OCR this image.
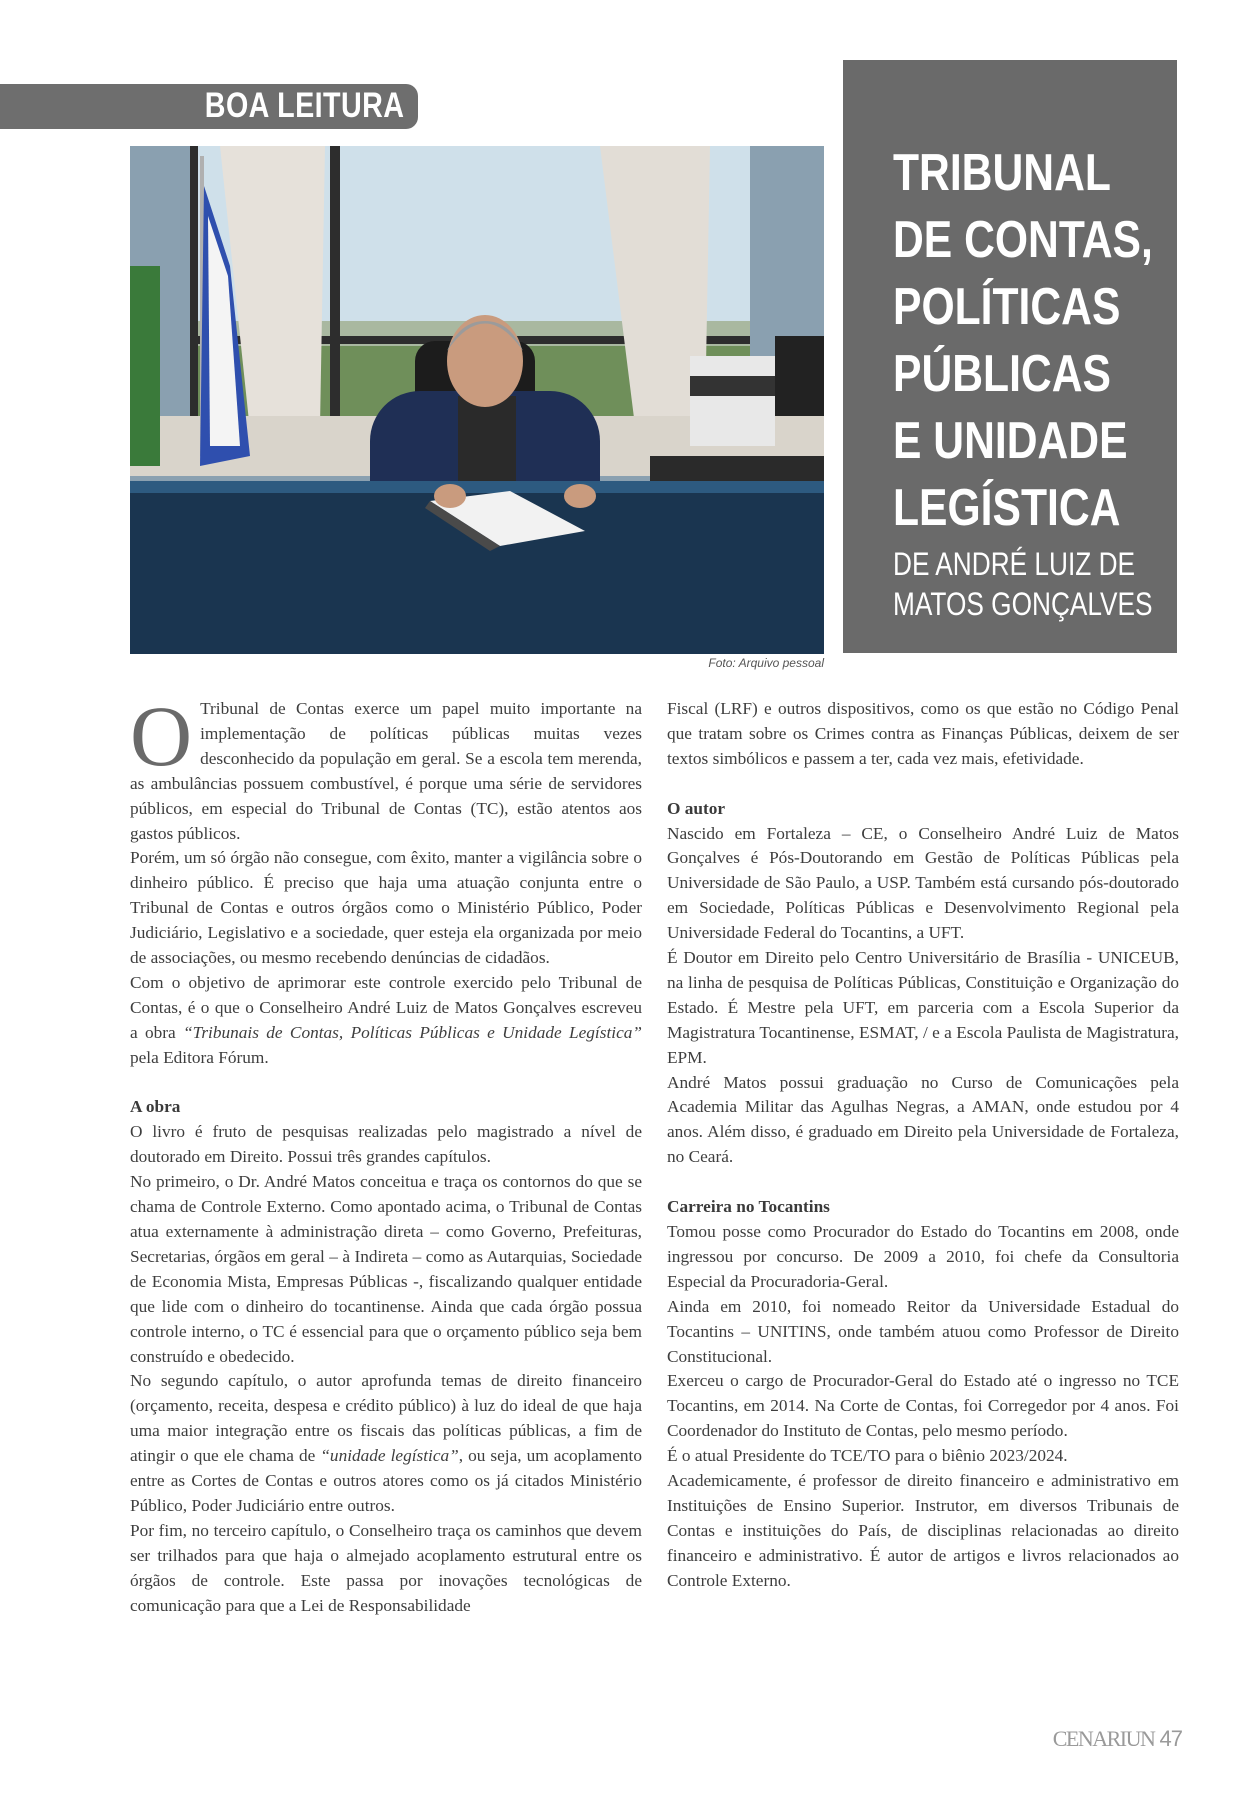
BOA LEITURA
Foto: Arquivo pessoal
TRIBUNAL
DE CONTAS,
POLÍTICAS
PÚBLICAS
E UNIDADE
LEGÍSTICA
DE ANDRÉ LUIZ DE
MATOS GONÇALVES

O Tribunal de Contas exerce um papel muito importante na implementação de políticas públicas muitas vezes desconhecido da população em geral. Se a escola tem merenda, as ambulâncias possuem combustível, é porque uma série de servidores públicos, em especial do Tribunal de Contas (TC), estão atentos aos gastos públicos.

Porém, um só órgão não consegue, com êxito, manter a vigilância sobre o dinheiro público. É preciso que haja uma atuação conjunta entre o Tribunal de Contas e outros órgãos como o Ministério Público, Poder Judiciário, Legislativo e a sociedade, quer esteja ela organizada por meio de associações, ou mesmo recebendo denúncias de cidadãos.

Com o objetivo de aprimorar este controle exercido pelo Tribunal de Contas, é o que o Conselheiro André Luiz de Matos Gonçalves escreveu a obra “Tribunais de Contas, Políticas Públicas e Unidade Legística” pela Editora Fórum.

A obra

O livro é fruto de pesquisas realizadas pelo magistrado a nível de doutorado em Direito. Possui três grandes capítulos.

No primeiro, o Dr. André Matos conceitua e traça os contornos do que se chama de Controle Externo. Como apontado acima, o Tribunal de Contas atua externamente à administração direta – como Governo, Prefeituras, Secretarias, órgãos em geral – à Indireta – como as Autarquias, Sociedade de Economia Mista, Empresas Públicas -, fiscalizando qualquer entidade que lide com o dinheiro do tocantinense. Ainda que cada órgão possua controle interno, o TC é essencial para que o orçamento público seja bem construído e obedecido.

No segundo capítulo, o autor aprofunda temas de direito financeiro (orçamento, receita, despesa e crédito público) à luz do ideal de que haja uma maior integração entre os fiscais das políticas públicas, a fim de atingir o que ele chama de “unidade legística”, ou seja, um acoplamento entre as Cortes de Contas e outros atores como os já citados Ministério Público, Poder Judiciário entre outros.

Por fim, no terceiro capítulo, o Conselheiro traça os caminhos que devem ser trilhados para que haja o almejado acoplamento estrutural entre os órgãos de controle. Este passa por inovações tecnológicas de comunicação para que a Lei de Responsabilidade

Fiscal (LRF) e outros dispositivos, como os que estão no Código Penal que tratam sobre os Crimes contra as Finanças Públicas, deixem de ser textos simbólicos e passem a ter, cada vez mais, efetividade.

O autor

Nascido em Fortaleza – CE, o Conselheiro André Luiz de Matos Gonçalves é Pós-Doutorando em Gestão de Políticas Públicas pela Universidade de São Paulo, a USP. Também está cursando pós-doutorado em Sociedade, Políticas Públicas e Desenvolvimento Regional pela Universidade Federal do Tocantins, a UFT.

É Doutor em Direito pelo Centro Universitário de Brasília - UNICEUB, na linha de pesquisa de Políticas Públicas, Constituição e Organização do Estado. É Mestre pela UFT, em parceria com a Escola Superior da Magistratura Tocantinense, ESMAT, / e a Escola Paulista de Magistratura, EPM.

André Matos possui graduação no Curso de Comunicações pela Academia Militar das Agulhas Negras, a AMAN, onde estudou por 4 anos. Além disso, é graduado em Direito pela Universidade de Fortaleza, no Ceará.

Carreira no Tocantins

Tomou posse como Procurador do Estado do Tocantins em 2008, onde ingressou por concurso. De 2009 a 2010, foi chefe da Consultoria Especial da Procuradoria-Geral.

Ainda em 2010, foi nomeado Reitor da Universidade Estadual do Tocantins – UNITINS, onde também atuou como Professor de Direito Constitucional.

Exerceu o cargo de Procurador-Geral do Estado até o ingresso no TCE Tocantins, em 2014. Na Corte de Contas, foi Corregedor por 4 anos. Foi Coordenador do Instituto de Contas, pelo mesmo período.

É o atual Presidente do TCE/TO para o biênio 2023/2024.

Academicamente, é professor de direito financeiro e administrativo em Instituições de Ensino Superior. Instrutor, em diversos Tribunais de Contas e instituições do País, de disciplinas relacionadas ao direito financeiro e administrativo. É autor de artigos e livros relacionados ao Controle Externo.

CENARIUN 47
